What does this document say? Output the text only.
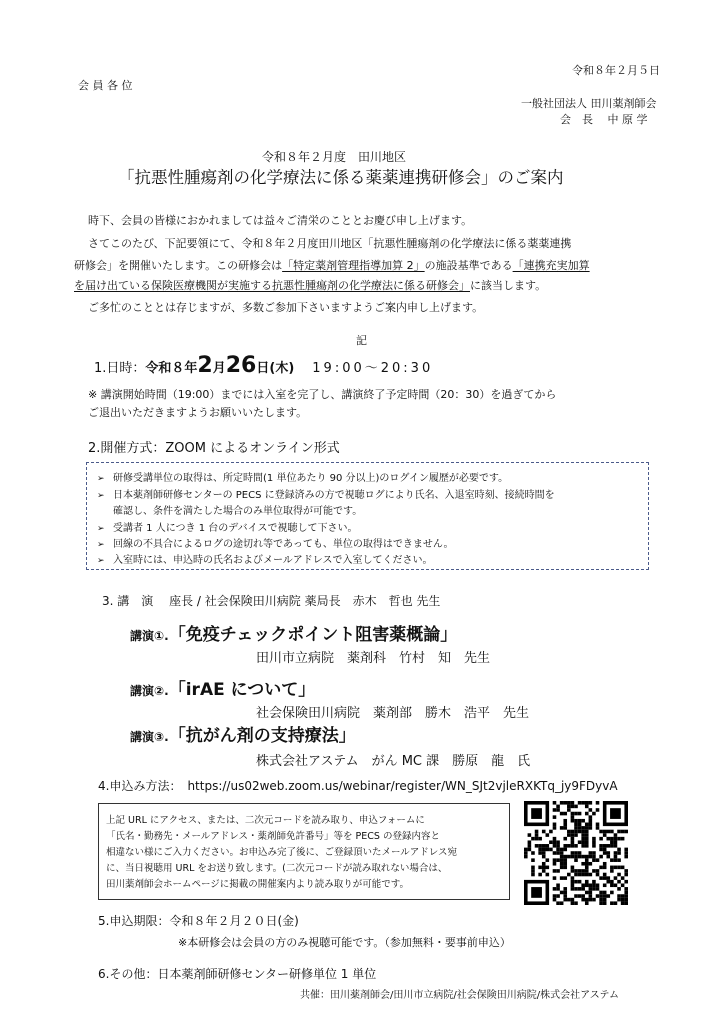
令和８年２月５日
会 員 各 位
一般社団法人 田川薬剤師会
会　長　 中 原 学
令和８年２月度　田川地区
「抗悪性腫瘍剤の化学療法に係る薬薬連携研修会」のご案内
時下、会員の皆様におかれましては益々ご清栄のこととお慶び申し上げます。
さてこのたび、下記要領にて、令和８年２月度田川地区「抗悪性腫瘍剤の化学療法に係る薬薬連携
研修会」を開催いたします。この研修会は「特定薬剤管理指導加算 2」の施設基準である「連携充実加算
を届け出ている保険医療機関が実施する抗悪性腫瘍剤の化学療法に係る研修会」に該当します。
ご多忙のこととは存じますが、多数ご参加下さいますようご案内申し上げます。
記
1.日時：令和８年2月26日(木) 19:00～20:30
※ 講演開始時間（19:00）までには入室を完了し、講演終了予定時間（20：30）を過ぎてから
ご退出いただきますようお願いいたします。
2.開催方式：ZOOM によるオンライン形式
➢ 研修受講単位の取得は、所定時間(1 単位あたり 90 分以上)のログイン履歴が必要です。
➢ 日本薬剤師研修センターの PECS に登録済みの方で視聴ログにより氏名、入退室時刻、接続時間を
確認し、条件を満たした場合のみ単位取得が可能です。
➢ 受講者 1 人につき 1 台のデバイスで視聴して下さい。
➢ 回線の不具合によるログの途切れ等であっても、単位の取得はできません。
➢ 入室時には、申込時の氏名およびメールアドレスで入室してください。
3. 講　演　 座長 / 社会保険田川病院 薬局長　赤木　哲也 先生
講演①.「免疫チェックポイント阻害薬概論」
田川市立病院　薬剤科　竹村　知　先生
講演②.「irAE について」
社会保険田川病院　薬剤部　勝木　浩平　先生
講演③.「抗がん剤の支持療法」
株式会社アステム　がん MC 課　勝原　龍　氏
4.申込み方法： https://us02web.zoom.us/webinar/register/WN_SJt2vjleRXKTq_jy9FDyvA
上記 URL にアクセス、または、二次元コードを読み取り、申込フォームに
「氏名・勤務先・メールアドレス・薬剤師免許番号」等を PECS の登録内容と
相違ない様にご入力ください。お申込み完了後に、ご登録頂いたメールアドレス宛
に、当日視聴用 URL をお送り致します。(二次元コードが読み取れない場合は、
田川薬剤師会ホームページに掲載の開催案内より読み取りが可能です。
5.申込期限：令和８年２月２０日(金)
※本研修会は会員の方のみ視聴可能です。（参加無料・要事前申込）
6.その他：日本薬剤師研修センター研修単位 1 単位
共催：田川薬剤師会/田川市立病院/社会保険田川病院/株式会社アステム
